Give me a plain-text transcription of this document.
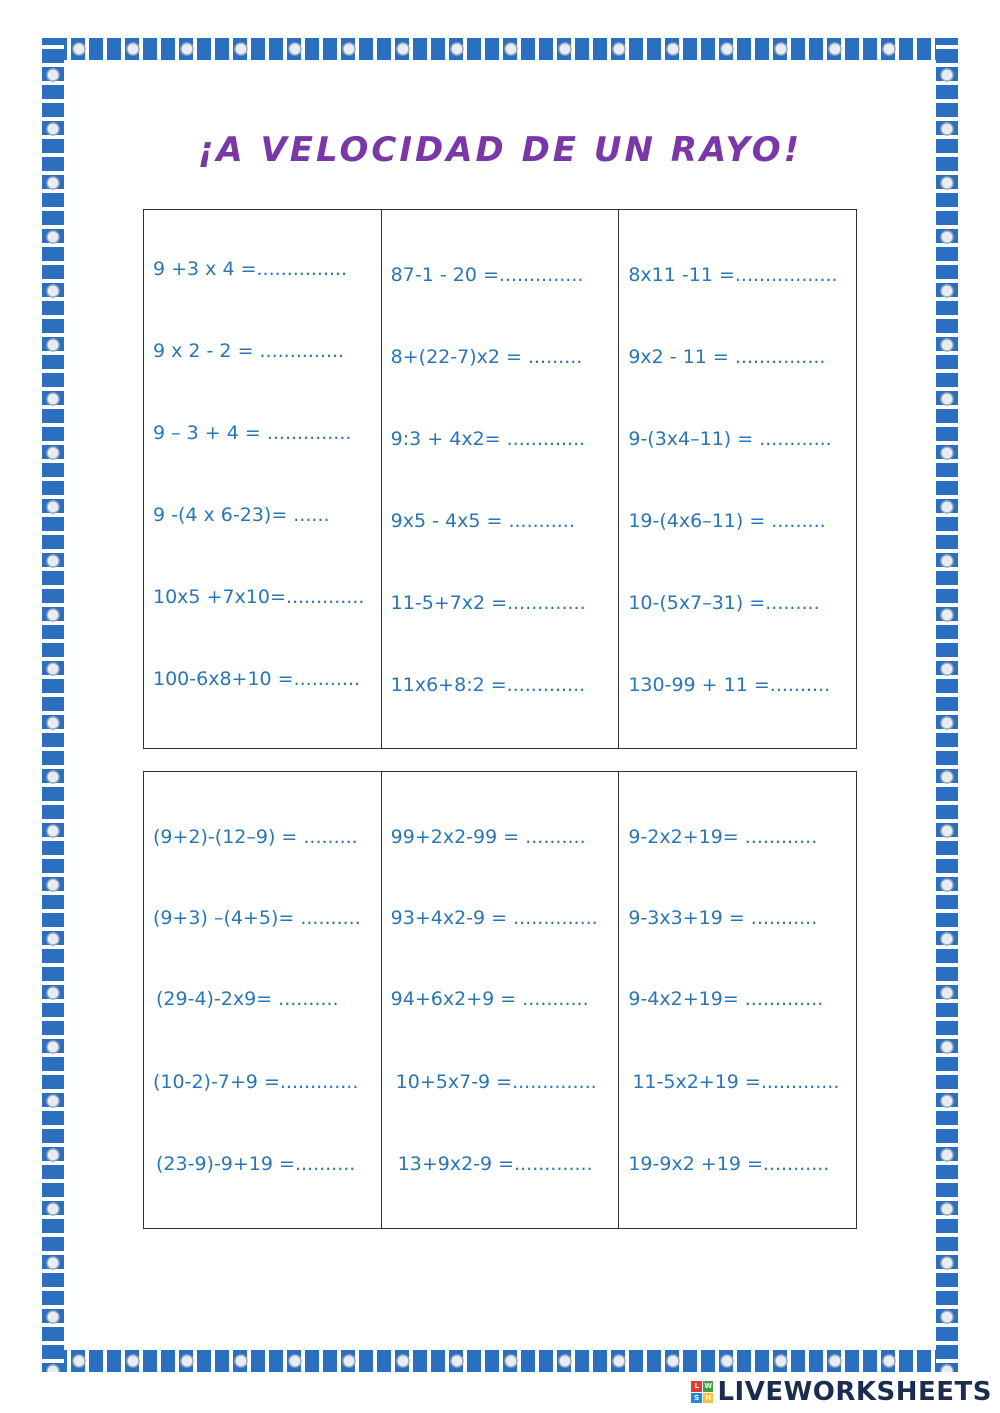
¡A VELOCIDAD DE UN RAYO!
9 +3 x 4 =...............
9 x 2 - 2 = ..............
9 – 3 + 4 = ..............
9 -(4 x 6-23)= ......
10x5 +7x10=.............
100-6x8+10 =...........
87-1 - 20 =..............
8+(22-7)x2 = .........
9:3 + 4x2= .............
9x5 - 4x5 = ...........
11-5+7x2 =.............
11x6+8:2 =.............
8x11 -11 =.................
9x2 - 11 = ...............
9-(3x4–11) = ............
19-(4x6–11) = .........
10-(5x7–31) =.........
130-99 + 11 =..........
(9+2)-(12–9) = .........
(9+3) –(4+5)= ..........
(29-4)-2x9= ..........
(10-2)-7+9 =.............
(23-9)-9+19 =..........
99+2x2-99 = ..........
93+4x2-9 = ..............
94+6x2+9 = ...........
10+5x7-9 =..............
13+9x2-9 =.............
9-2x2+19= ............
9-3x3+19 = ...........
9-4x2+19= .............
11-5x2+19 =.............
19-9x2 +19 =...........
L W
S H LIVEWORKSHEETS
